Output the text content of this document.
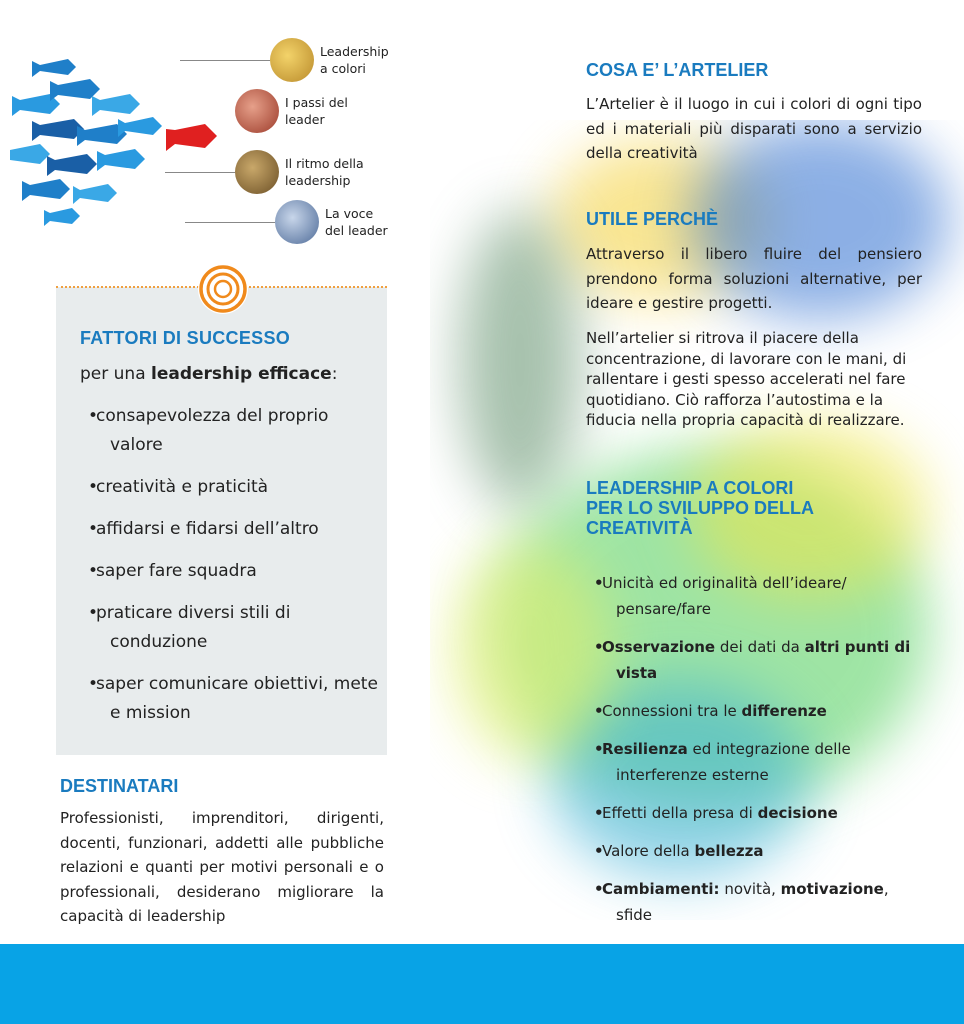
Leadership
a colori
I passi del
leader
Il ritmo della
leadership
La voce
del leader
FATTORI DI SUCCESSO
per una leadership efficace:
• consapevolezza del proprio valore
• creatività e praticità
• affidarsi e fidarsi dell’altro
• saper fare squadra
• praticare diversi stili di conduzione
• saper comunicare obiettivi, mete e mission
DESTINATARI
Professionisti, imprenditori, dirigenti, docenti, funzionari, addetti alle pubbliche relazioni e quanti per motivi personali e o professionali, desiderano migliorare la capacità di leadership
COSA E’ L’ARTELIER
L’Artelier è il luogo in cui i colori di ogni tipo ed i materiali più disparati sono a servizio della creatività
UTILE PERCHÈ
Attraverso il libero fluire del pensiero prendono forma soluzioni alternative, per ideare e gestire progetti.
Nell’artelier si ritrova il piacere della concentrazione, di lavorare con le mani, di rallentare i gesti spesso accelerati nel fare quotidiano. Ciò rafforza l’autostima e la fiducia nella propria capacità di realizzare.
LEADERSHIP A COLORI
PER LO SVILUPPO DELLA
CREATIVITÀ
• Unicità ed originalità dell’ideare/ pensare/fare
• Osservazione dei dati da altri punti di vista
• Connessioni tra le differenze
• Resilienza ed integrazione delle interferenze esterne
• Effetti della presa di decisione
• Valore della bellezza
• Cambiamenti: novità, motivazione, sfide
